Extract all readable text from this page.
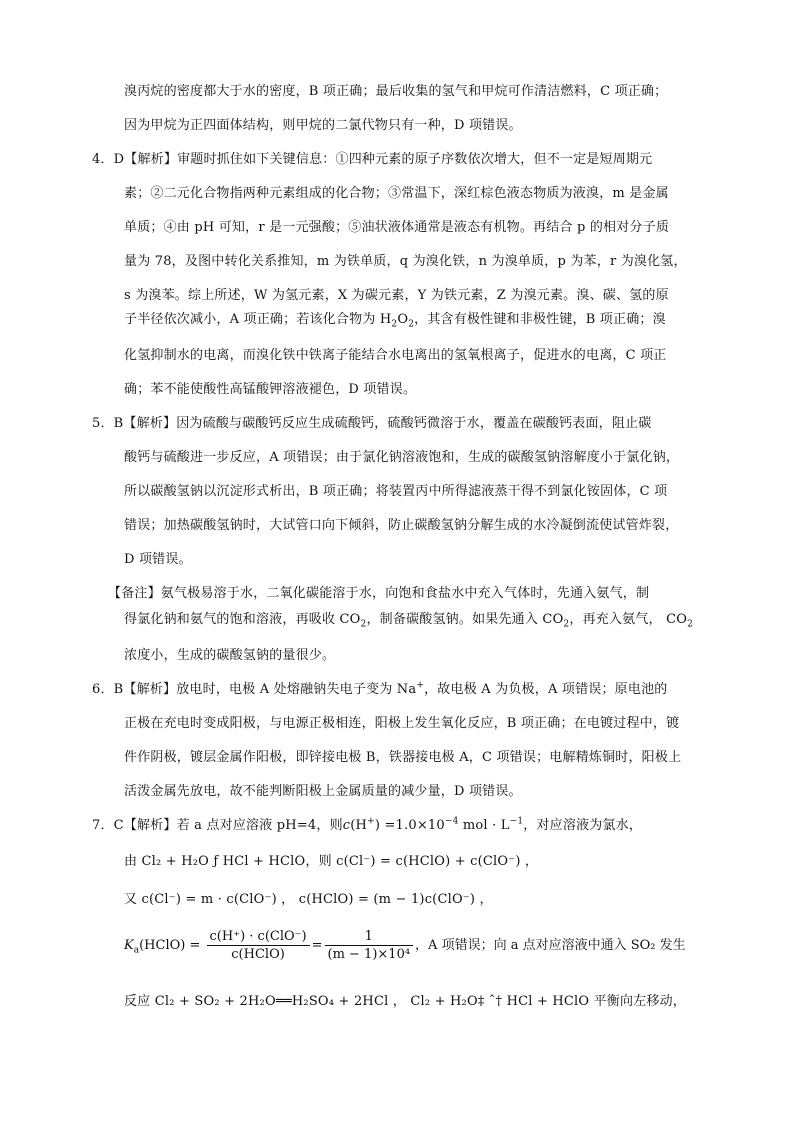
溴丙烷的密度都大于水的密度，B 项正确；最后收集的氢气和甲烷可作清洁燃料，C 项正确；
因为甲烷为正四面体结构，则甲烷的二氯代物只有一种，D 项错误。
4．D【解析】审题时抓住如下关键信息：①四种元素的原子序数依次增大，但不一定是短周期元
素；②二元化合物指两种元素组成的化合物；③常温下，深红棕色液态物质为液溴，m 是金属
单质；④由 pH 可知，r 是一元强酸；⑤油状液体通常是液态有机物。再结合 p 的相对分子质
量为 78，及图中转化关系推知，m 为铁单质，q 为溴化铁，n 为溴单质，p 为苯，r 为溴化氢，
s 为溴苯。综上所述，W 为氢元素，X 为碳元素，Y 为铁元素，Z 为溴元素。溴、碳、氢的原
子半径依次减小，A 项正确；若该化合物为 $H_2O_2$，其含有极性键和非极性键，B 项正确；溴
化氢抑制水的电离，而溴化铁中铁离子能结合水电离出的氢氧根离子，促进水的电离，C 项正
确；苯不能使酸性高锰酸钾溶液褪色，D 项错误。
5．B【解析】因为硫酸与碳酸钙反应生成硫酸钙，硫酸钙微溶于水，覆盖在碳酸钙表面，阻止碳
酸钙与硫酸进一步反应，A 项错误；由于氯化钠溶液饱和，生成的碳酸氢钠溶解度小于氯化钠，
所以碳酸氢钠以沉淀形式析出，B 项正确；将装置丙中所得滤液蒸干得不到氯化铵固体，C 项
错误；加热碳酸氢钠时，大试管口向下倾斜，防止碳酸氢钠分解生成的水冷凝倒流使试管炸裂，
D 项错误。
【备注】氨气极易溶于水，二氧化碳能溶于水，向饱和食盐水中充入气体时，先通入氨气，制
得氯化钠和氨气的饱和溶液，再吸收 $CO_2$，制备碳酸氢钠。如果先通入 $CO_2$，再充入氨气， $CO_2$
浓度小，生成的碳酸氢钠的量很少。
6．B【解析】放电时，电极 A 处熔融钠失电子变为 Na+，故电极 A 为负极，A 项错误；原电池的
正极在充电时变成阳极，与电源正极相连，阳极上发生氧化反应，B 项正确；在电镀过程中，镀
件作阴极，镀层金属作阳极，即锌接电极 B，铁器接电极 A，C 项错误；电解精炼铜时，阳极上
活泼金属先放电，故不能判断阳极上金属质量的减少量，D 项错误。
7．C【解析】若 a 点对应溶液 pH=4，则$c(H^+) =1.0\times 10^{-4}$ mol · $L^{-1}$，对应溶液为氯水，
由 Cl₂ + H₂O ƒ HCl + HClO，则 c(Cl⁻) = c(HClO) + c(ClO⁻) ，
又 c(Cl⁻) = m · c(ClO⁻) ， c(HClO) = (m − 1)c(ClO⁻) ，
$K_a(HClO) = \frac{\text{c(H⁺) · c(ClO⁻)}}{\text{c(HClO)}} = \frac{1}{\text{(m − 1)×10⁴}}$ ，A 项错误；向 a 点对应溶液中通入 SO₂ 发生
反应 Cl₂ + SO₂ + 2H₂O══H₂SO₄ + 2HCl ， Cl₂ + H₂O‡ ˆ† HCl + HClO 平衡向左移动，
